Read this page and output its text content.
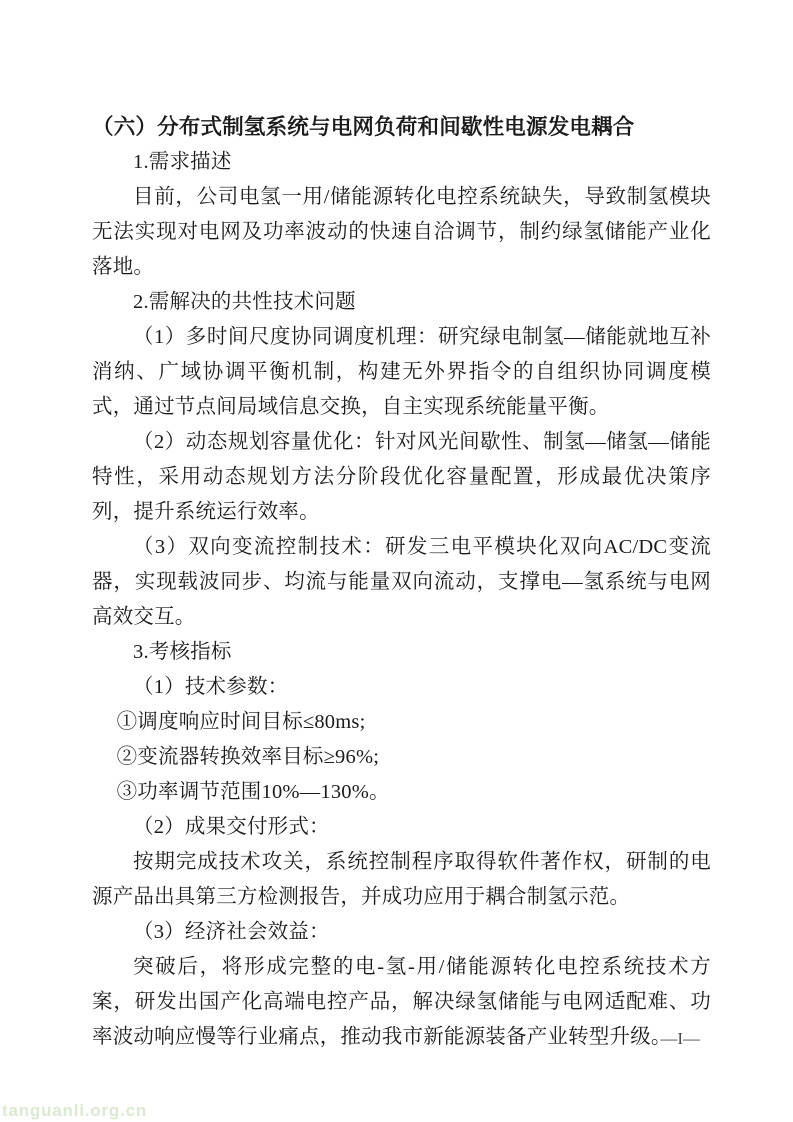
（六）分布式制氢系统与电网负荷和间歇性电源发电耦合
1.需求描述
目前，公司电氢一用/储能源转化电控系统缺失，导致制氢模块无法实现对电网及功率波动的快速自洽调节，制约绿氢储能产业化落地。
2.需解决的共性技术问题
（1）多时间尺度协同调度机理：研究绿电制氢—储能就地互补消纳、广域协调平衡机制，构建无外界指令的自组织协同调度模式，通过节点间局域信息交换，自主实现系统能量平衡。
（2）动态规划容量优化：针对风光间歇性、制氢—储氢—储能特性，采用动态规划方法分阶段优化容量配置，形成最优决策序列，提升系统运行效率。
（3）双向变流控制技术：研发三电平模块化双向AC/DC变流器，实现载波同步、均流与能量双向流动，支撑电—氢系统与电网高效交互。
3.考核指标
（1）技术参数：
①调度响应时间目标≤80ms;
②变流器转换效率目标≥96%;
③功率调节范围10%—130%。
（2）成果交付形式：
按期完成技术攻关，系统控制程序取得软件著作权，研制的电源产品出具第三方检测报告，并成功应用于耦合制氢示范。
（3）经济社会效益：
突破后，将形成完整的电-氢-用/储能源转化电控系统技术方案，研发出国产化高端电控产品，解决绿氢储能与电网适配难、功率波动响应慢等行业痛点，推动我市新能源装备产业转型升级。
—I—
tanguanli.org.cn
